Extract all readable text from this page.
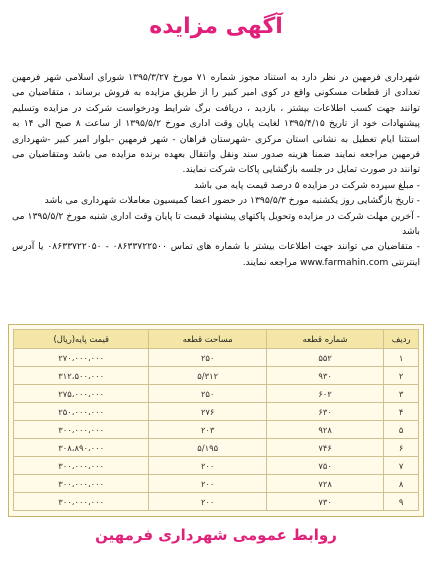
آگهی مزایده

شهرداری فرمهین در نظر دارد به استناد مجوز شماره ۷۱ مورخ ۱۳۹۵/۳/۲۷ شورای اسلامی شهر فرمهین تعدادی از قطعات مسکونی واقع در کوی امیر کبیر را از طریق مزایده به فروش برساند ، متقاضیان می توانند جهت کسب اطلاعات بیشتر ، بازدید ، دریافت برگ شرایط ودرخواست شرکت در مزایده وتسلیم پیشنهادات خود از تاریخ ۱۳۹۵/۴/۱۵ لغایت پایان وقت اداری مورخ ۱۳۹۵/۵/۲ از ساعت ۸ صبح الی ۱۴ به استثنا ایام تعطیل به نشانی استان مرکزی -شهرستان فراهان - شهر فرمهین -بلوار امیر کبیر -شهرداری فرمهین مراجعه نمایند ضمنا هزینه صدور سند ونقل وانتقال بعهده برنده مزایده می باشد ومتقاضیان می توانند در صورت تمایل در جلسه بازگشایی پاکات شرکت نمایند.

- مبلغ سپرده شرکت در مزایده ۵ درصد قیمت پایه می باشد

- تاریخ بازگشایی روز یکشنبه مورخ ۱۳۹۵/۵/۳ در حضور اعضا کمیسیون معاملات شهرداری می باشد

- آخرین مهلت شرکت در مزایده وتحویل پاکتهای پیشنهاد قیمت تا پایان وقت اداری شنبه مورخ ۱۳۹۵/۵/۲ می باشد

- متقاضیان می توانند جهت اطلاعات بیشتر با شماره های تماس ۰۸۶۳۳۷۲۲۵۰۰ - ۰۸۶۳۳۷۲۲۰۵۰ یا آدرس اینترنتی www.farmahin.com مراجعه نمایند.

ردیف	شماره قطعه	مساحت قطعه	قیمت پایه(ریال)
۱	۵۵۲	۲۵۰	۲۷۰،۰۰۰،۰۰۰
۲	۹۳۰	۵/۳۱۲	۳۱۲،۵۰۰،۰۰۰
۳	۶۰۲	۲۵۰	۲۷۵،۰۰۰،۰۰۰
۴	۶۳۰	۲۷۶	۲۵۰،۰۰۰،۰۰۰
۵	۹۲۸	۲۰۳	۳۰۰،۰۰۰،۰۰۰
۶	۷۴۶	۵/۱۹۵	۳۰۸،۸۹۰،۰۰۰
۷	۷۵۰	۲۰۰	۳۰۰،۰۰۰،۰۰۰
۸	۷۲۸	۲۰۰	۳۰۰،۰۰۰،۰۰۰
۹	۷۳۰	۲۰۰	۳۰۰،۰۰۰،۰۰۰
روابط عمومی شهرداری فرمهین
